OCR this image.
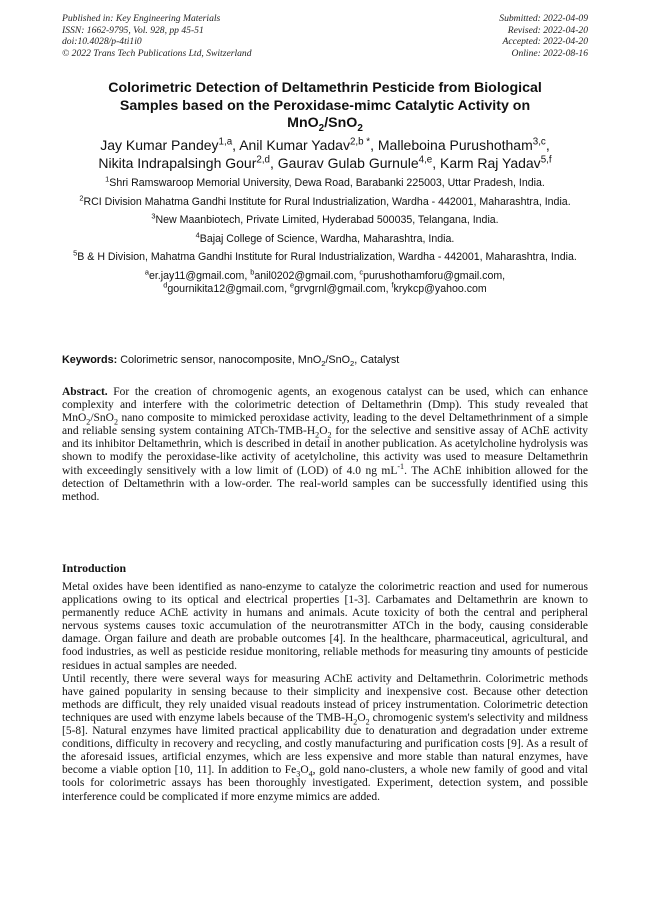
Published in: Key Engineering Materials
ISSN: 1662-9795, Vol. 928, pp 45-51
doi:10.4028/p-4ti1i0
© 2022 Trans Tech Publications Ltd, Switzerland
Submitted: 2022-04-09
Revised: 2022-04-20
Accepted: 2022-04-20
Online: 2022-08-16
Colorimetric Detection of Deltamethrin Pesticide from Biological
Samples based on the Peroxidase-mimc Catalytic Activity on
MnO$_2$/SnO$_2$
Jay Kumar Pandey$^{1,a}$, Anil Kumar Yadav$^{2,b *}$, Malleboina Purushotham$^{3,c}$,
Nikita Indrapalsingh Gour$^{2,d}$, Gaurav Gulab Gurnule$^{4,e}$, Karm Raj Yadav$^{5,f}$
$^1$Shri Ramswaroop Memorial University, Dewa Road, Barabanki 225003, Uttar Pradesh, India.
$^2$RCI Division Mahatma Gandhi Institute for Rural Industrialization, Wardha - 442001, Maharashtra, India.
$^3$New Maanbiotech, Private Limited, Hyderabad 500035, Telangana, India.
$^4$Bajaj College of Science, Wardha, Maharashtra, India.
$^5$B & H Division, Mahatma Gandhi Institute for Rural Industrialization, Wardha - 442001, Maharashtra, India.
$^a$er.jay11@gmail.com, $^b$anil0202@gmail.com, $^c$purushothamforu@gmail.com,
$^d$gournikita12@gmail.com, $^e$grvgrnl@gmail.com, $^f$krykcp@yahoo.com
Keywords: Colorimetric sensor, nanocomposite, MnO$_2$/SnO$_2$, Catalyst
Abstract. For the creation of chromogenic agents, an exogenous catalyst can be used, which can enhance complexity and interfere with the colorimetric detection of Deltamethrin (Dmp). This study revealed that MnO$_2$/SnO$_2$ nano composite to mimicked peroxidase activity, leading to the devel Deltamethrinment of a simple and reliable sensing system containing ATCh-$TMB-H_2O_2$ for the selective and sensitive assay of AChE activity and its inhibitor Deltamethrin, which is described in detail in another publication. As acetylcholine hydrolysis was shown to modify the peroxidase-like activity of acetylcholine, this activity was used to measure Deltamethrin with exceedingly sensitively with a low limit of (LOD) of 4.0 ng $mL^{-1}$. The AChE inhibition allowed for the detection of Deltamethrin with a low-order. The real-world samples can be successfully identified using this method.
Introduction

Metal oxides have been identified as nano-enzyme to catalyze the colorimetric reaction and used for numerous applications owing to its optical and electrical properties [1-3]. Carbamates and Deltamethrin are known to permanently reduce AChE activity in humans and animals. Acute toxicity of both the central and peripheral nervous systems causes toxic accumulation of the neurotransmitter ATCh in the body, causing considerable damage. Organ failure and death are probable outcomes [4]. In the healthcare, pharmaceutical, agricultural, and food industries, as well as pesticide residue monitoring, reliable methods for measuring tiny amounts of pesticide residues in actual samples are needed.

Until recently, there were several ways for measuring AChE activity and Deltamethrin. Colorimetric methods have gained popularity in sensing because to their simplicity and inexpensive cost. Because other detection methods are difficult, they rely unaided visual readouts instead of pricey instrumentation. Colorimetric detection techniques are used with enzyme labels because of the TMB-$H_2O_2$ chromogenic system's selectivity and mildness [5-8]. Natural enzymes have limited practical applicability due to denaturation and degradation under extreme conditions, difficulty in recovery and recycling, and costly manufacturing and purification costs [9]. As a result of the aforesaid issues, artificial enzymes, which are less expensive and more stable than natural enzymes, have become a viable option [10, 11]. In addition to $Fe_3O_4$, gold nano-clusters, a whole new family of good and vital tools for colorimetric assays has been thoroughly investigated. Experiment, detection system, and possible interference could be complicated if more enzyme mimics are added.
